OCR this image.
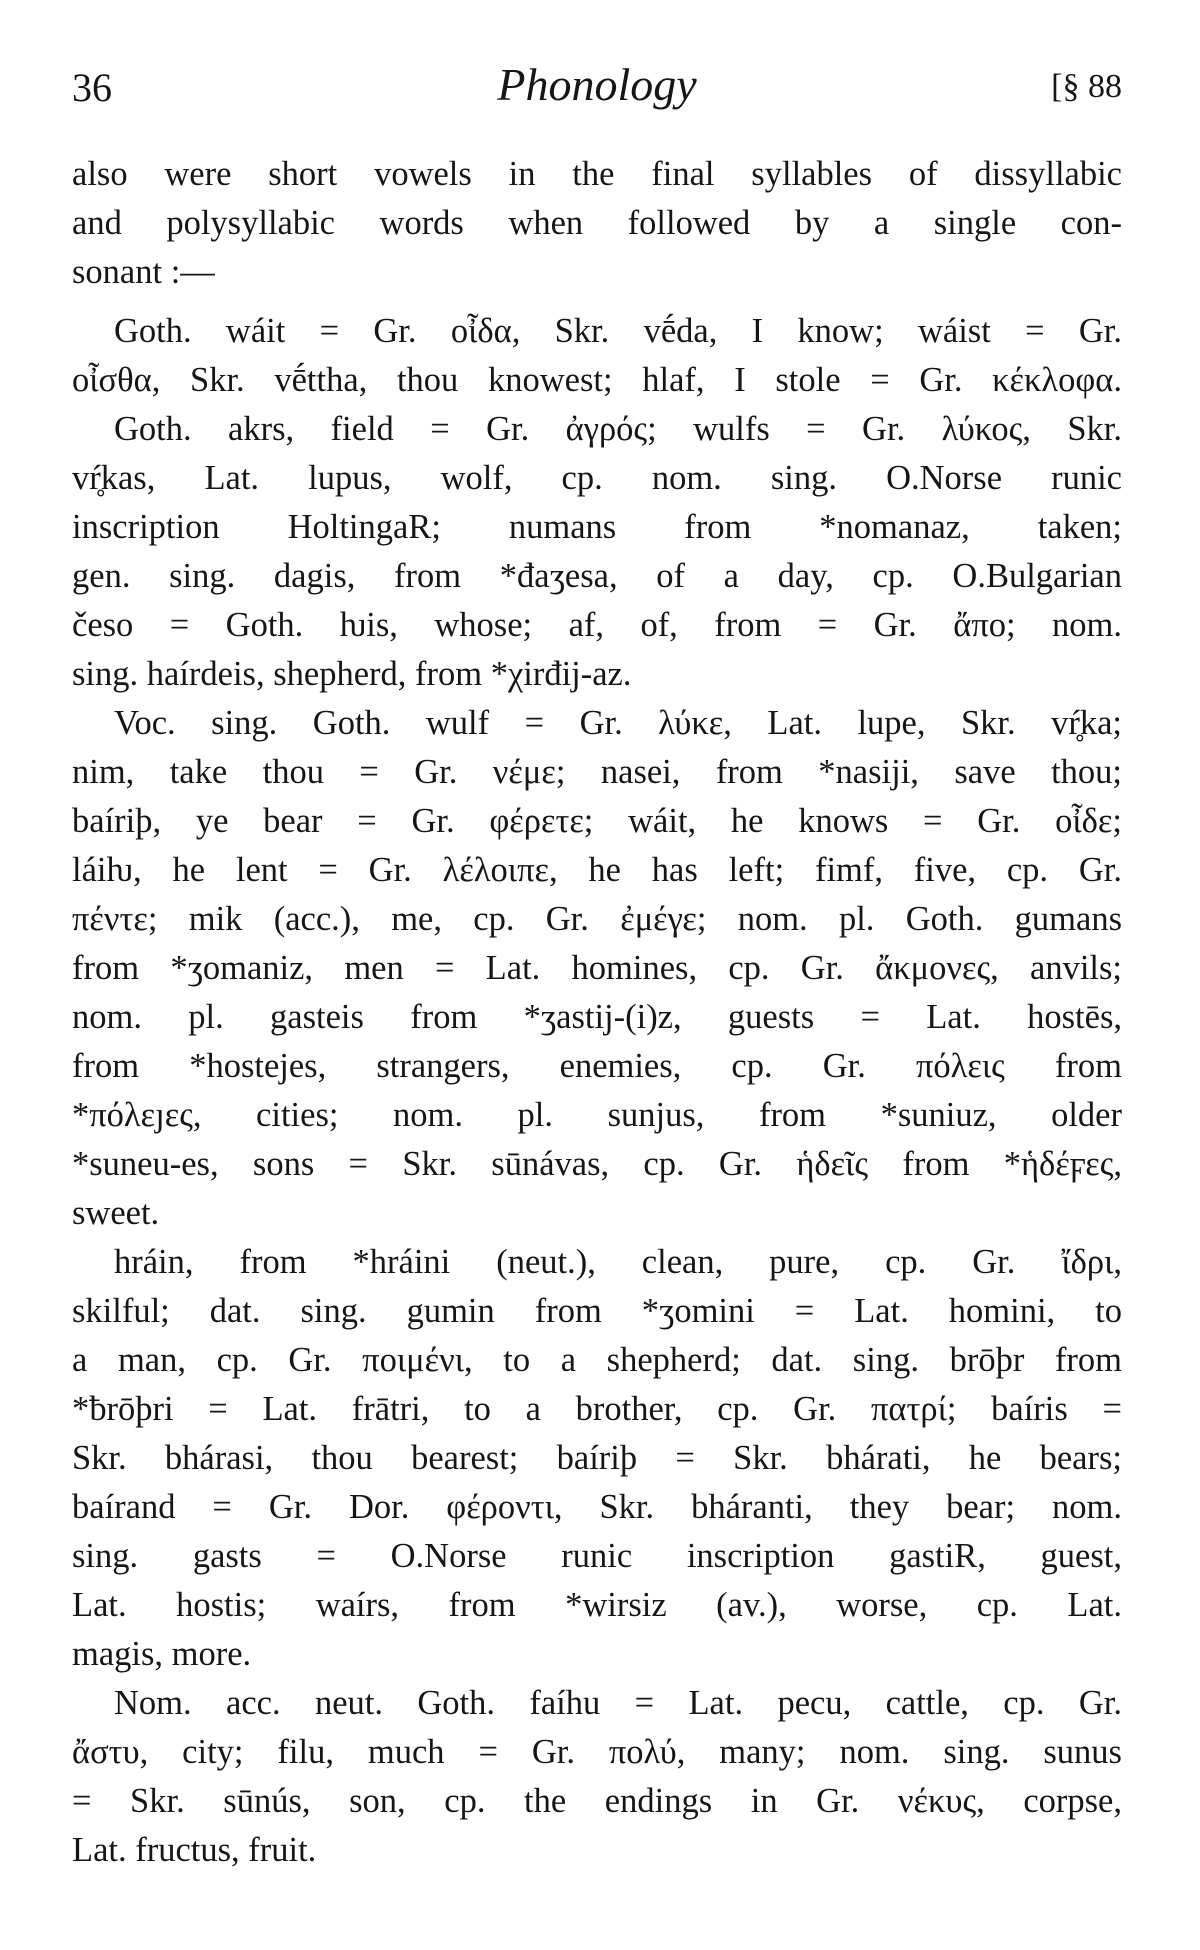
36	Phonology	[§ 88
also were short vowels in the final syllables of dissyllabic
and polysyllabic words when followed by a single con-
sonant :—
Goth. wáit = Gr. οἶδα, Skr. vḗda, I know; wáist = Gr.
οἶσθα, Skr. vḗttha, thou knowest; hlaf, I stole = Gr. κέκλοφα.
Goth. akrs, field = Gr. ἀγρός; wulfs = Gr. λύκος, Skr.
vŕ̥kas, Lat. lupus, wolf, cp. nom. sing. O.Norse runic
inscription HoltingaR; numans from *nomanaz, taken;
gen. sing. dagis, from *đaʒesa, of a day, cp. O.Bulgarian
česo = Goth. ƕis, whose; af, of, from = Gr. ἄπο; nom.
sing. haírdeis, shepherd, from *χirđij-az.
Voc. sing. Goth. wulf = Gr. λύκε, Lat. lupe, Skr. vŕ̥ka;
nim, take thou = Gr. νέμε; nasei, from *nasiji, save thou;
baíriþ, ye bear = Gr. φέρετε; wáit, he knows = Gr. οἶδε;
láiƕ, he lent = Gr. λέλοιπε, he has left; fimf, five, cp. Gr.
πέντε; mik (acc.), me, cp. Gr. ἐμέγε; nom. pl. Goth. gumans
from *ʒomaniz, men = Lat. homines, cp. Gr. ἄκμονες, anvils;
nom. pl. gasteis from *ʒastij-(i)z, guests = Lat. hostēs,
from *hostejes, strangers, enemies, cp. Gr. πόλεις from
*πόλεȷες, cities; nom. pl. sunjus, from *suniuz, older
*suneu-es, sons = Skr. sūnávas, cp. Gr. ἡδεῖς from *ἡδέϝες,
sweet.
hráin, from *hráini (neut.), clean, pure, cp. Gr. ἴδρι,
skilful; dat. sing. gumin from *ʒomini = Lat. homini, to
a man, cp. Gr. ποιμένι, to a shepherd; dat. sing. brōþr from
*ƀrōþri = Lat. frātri, to a brother, cp. Gr. πατρί; baíris =
Skr. bhárasi, thou bearest; baíriþ = Skr. bhárati, he bears;
baírand = Gr. Dor. φέροντι, Skr. bháranti, they bear; nom.
sing. gasts = O.Norse runic inscription gastiR, guest,
Lat. hostis; waírs, from *wirsiz (av.), worse, cp. Lat.
magis, more.
Nom. acc. neut. Goth. faíhu = Lat. pecu, cattle, cp. Gr.
ἄστυ, city; filu, much = Gr. πολύ, many; nom. sing. sunus
= Skr. sūnús, son, cp. the endings in Gr. νέκυς, corpse,
Lat. fructus, fruit.
